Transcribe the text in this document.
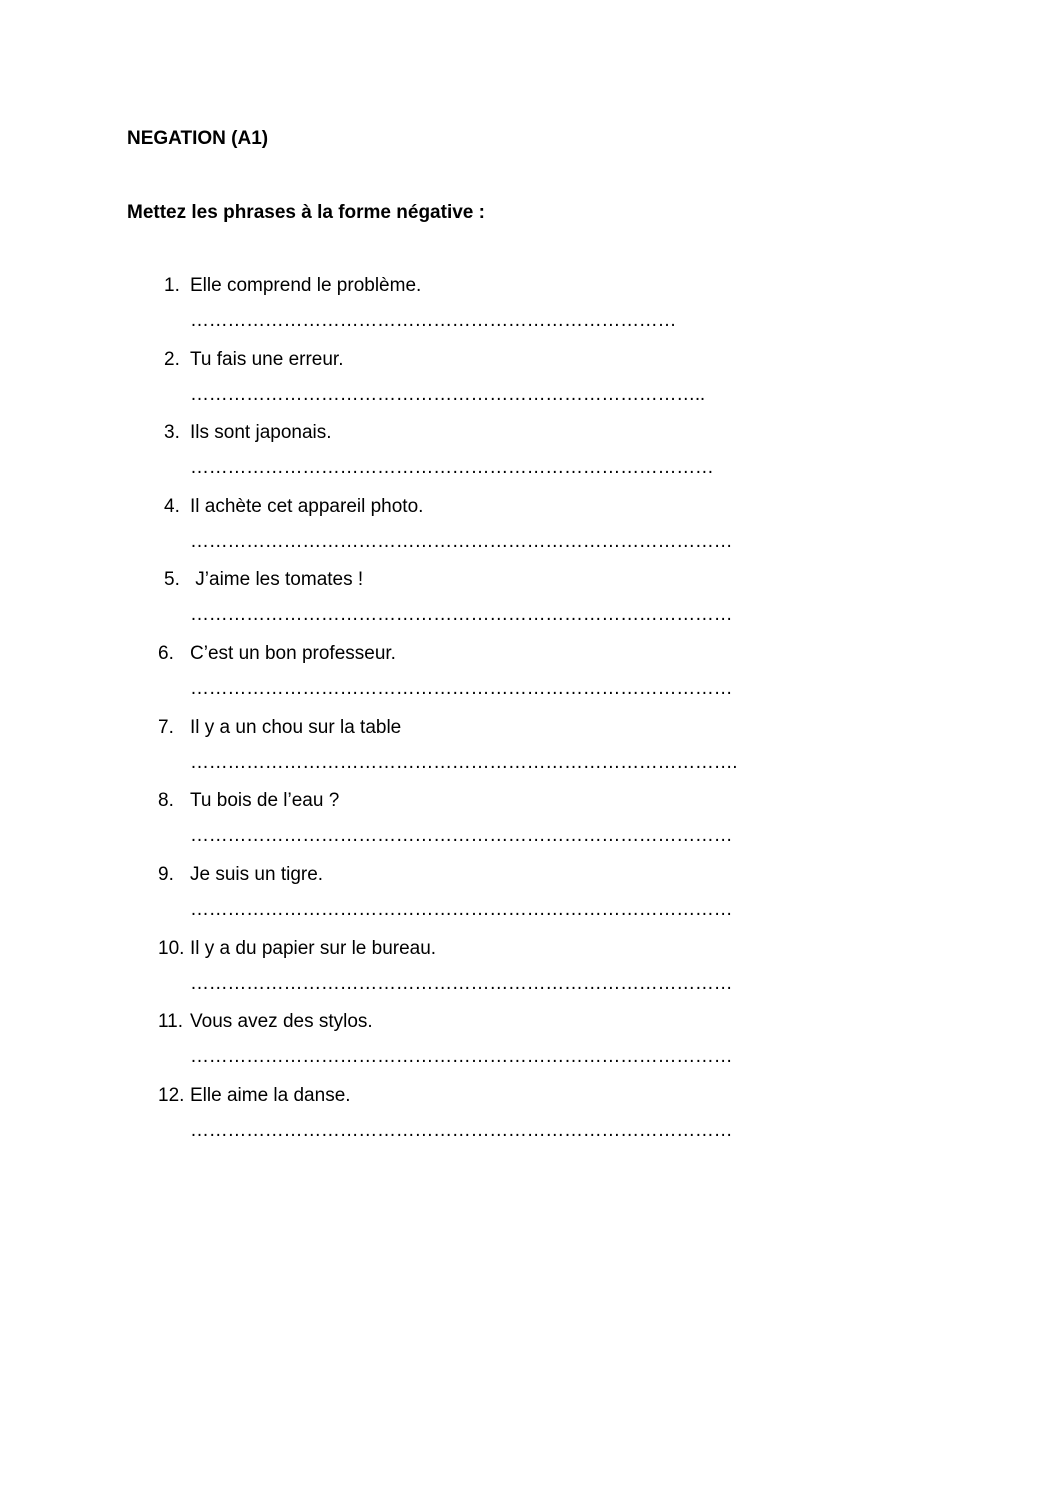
NEGATION (A1)

Mettez les phrases à la forme négative :

1. Elle comprend le problème.
……………………………………………………………………
2. Tu fais une erreur.
………………………………………………………………………..
3. Ils sont japonais.
…………………………………………………………………………
4. Il achète cet appareil photo.
……………………………………………………………………………
5. J’aime les tomates !
……………………………………………………………………………
6. C’est un bon professeur.
……………………………………………………………………………
7. Il y a un chou sur la table
…………………………………………………………………………….
8. Tu bois de l’eau ?
……………………………………………………………………………
9. Je suis un tigre.
……………………………………………………………………………
10. Il y a du papier sur le bureau.
……………………………………………………………………………
11. Vous avez des stylos.
……………………………………………………………………………
12. Elle aime la danse.
……………………………………………………………………………
